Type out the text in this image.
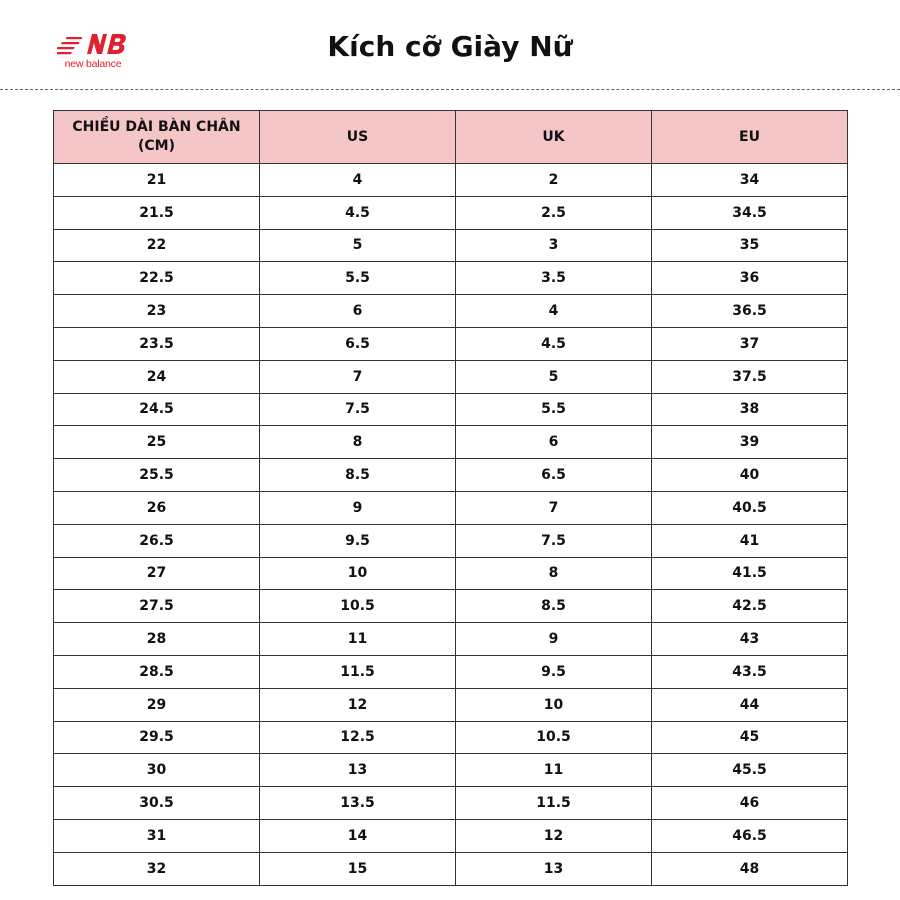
new balance
Kích cỡ Giày Nữ
CHIỀU DÀI BÀN CHÂN (CM)	US	UK	EU
21	4	2	34
21.5	4.5	2.5	34.5
22	5	3	35
22.5	5.5	3.5	36
23	6	4	36.5
23.5	6.5	4.5	37
24	7	5	37.5
24.5	7.5	5.5	38
25	8	6	39
25.5	8.5	6.5	40
26	9	7	40.5
26.5	9.5	7.5	41
27	10	8	41.5
27.5	10.5	8.5	42.5
28	11	9	43
28.5	11.5	9.5	43.5
29	12	10	44
29.5	12.5	10.5	45
30	13	11	45.5
30.5	13.5	11.5	46
31	14	12	46.5
32	15	13	48
